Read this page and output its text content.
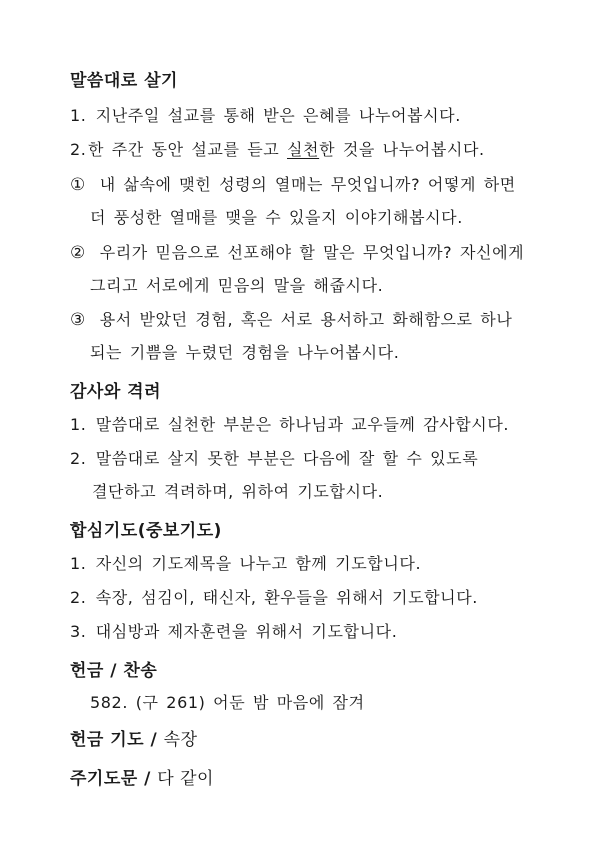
말씀대로 살기
1. 지난주일 설교를 통해 받은 은혜를 나누어봅시다.
2.한 주간 동안 설교를 듣고 실천한 것을 나누어봅시다.
① 내 삶속에 맺힌 성령의 열매는 무엇입니까? 어떻게 하면
더 풍성한 열매를 맺을 수 있을지 이야기해봅시다.
② 우리가 믿음으로 선포해야 할 말은 무엇입니까? 자신에게
그리고 서로에게 믿음의 말을 해줍시다.
③ 용서 받았던 경험, 혹은 서로 용서하고 화해함으로 하나
되는 기쁨을 누렸던 경험을 나누어봅시다.
감사와 격려
1. 말씀대로 실천한 부분은 하나님과 교우들께 감사합시다.
2. 말씀대로 살지 못한 부분은 다음에 잘 할 수 있도록
결단하고 격려하며, 위하여 기도합시다.
합심기도(중보기도)
1. 자신의 기도제목을 나누고 함께 기도합니다.
2. 속장, 섬김이, 태신자, 환우들을 위해서 기도합니다.
3. 대심방과 제자훈련을 위해서 기도합니다.
헌금 / 찬송
582. (구 261) 어둔 밤 마음에 잠겨
헌금 기도 / 속장
주기도문 / 다 같이
